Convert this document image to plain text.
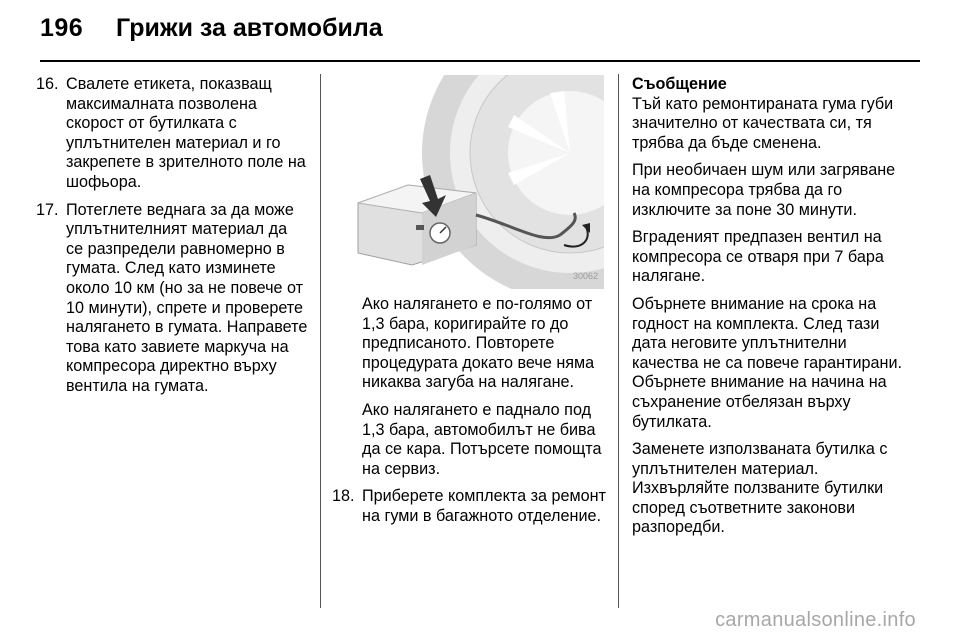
196	Грижи за автомобила
16. Свалете етикета, показващ максималната позволена скорост от бутилката с уплътнителен материал и го закрепете в зрителното поле на шофьора.
17. Потеглете веднага за да може уплътнителният материал да се разпредели равномерно в гумата. След като изминете около 10 км (но за не повече от 10 минути), спрете и проверете налягането в гумата. Направете това като завиете маркуча на компресора директно върху вентила на гумата.
30062

Ако налягането е по-голямо от 1,3 бара, коригирайте го до предписаното. Повторете процедурата докато вече няма никаква загуба на налягане.

Ако налягането е паднало под 1,3 бара, автомобилът не бива да се кара. Потърсете помощта на сервиз.

18. Приберете комплекта за ремонт на гуми в багажното отделение.

Съобщение

Тъй като ремонтираната гума губи значително от качествата си, тя трябва да бъде сменена.

При необичаен шум или загряване на компресора трябва да го изключите за поне 30 минути.

Вграденият предпазен вентил на компресора се отваря при 7 бара налягане.

Обърнете внимание на срока на годност на комплекта. След тази дата неговите уплътнителни качества не са повече гарантирани. Обърнете внимание на начина на съхранение отбелязан върху бутилката.

Заменете използваната бутилка с уплътнителен материал. Изхвърляйте ползваните бутилки според съответните законови разпоредби.

carmanualsonline.info
